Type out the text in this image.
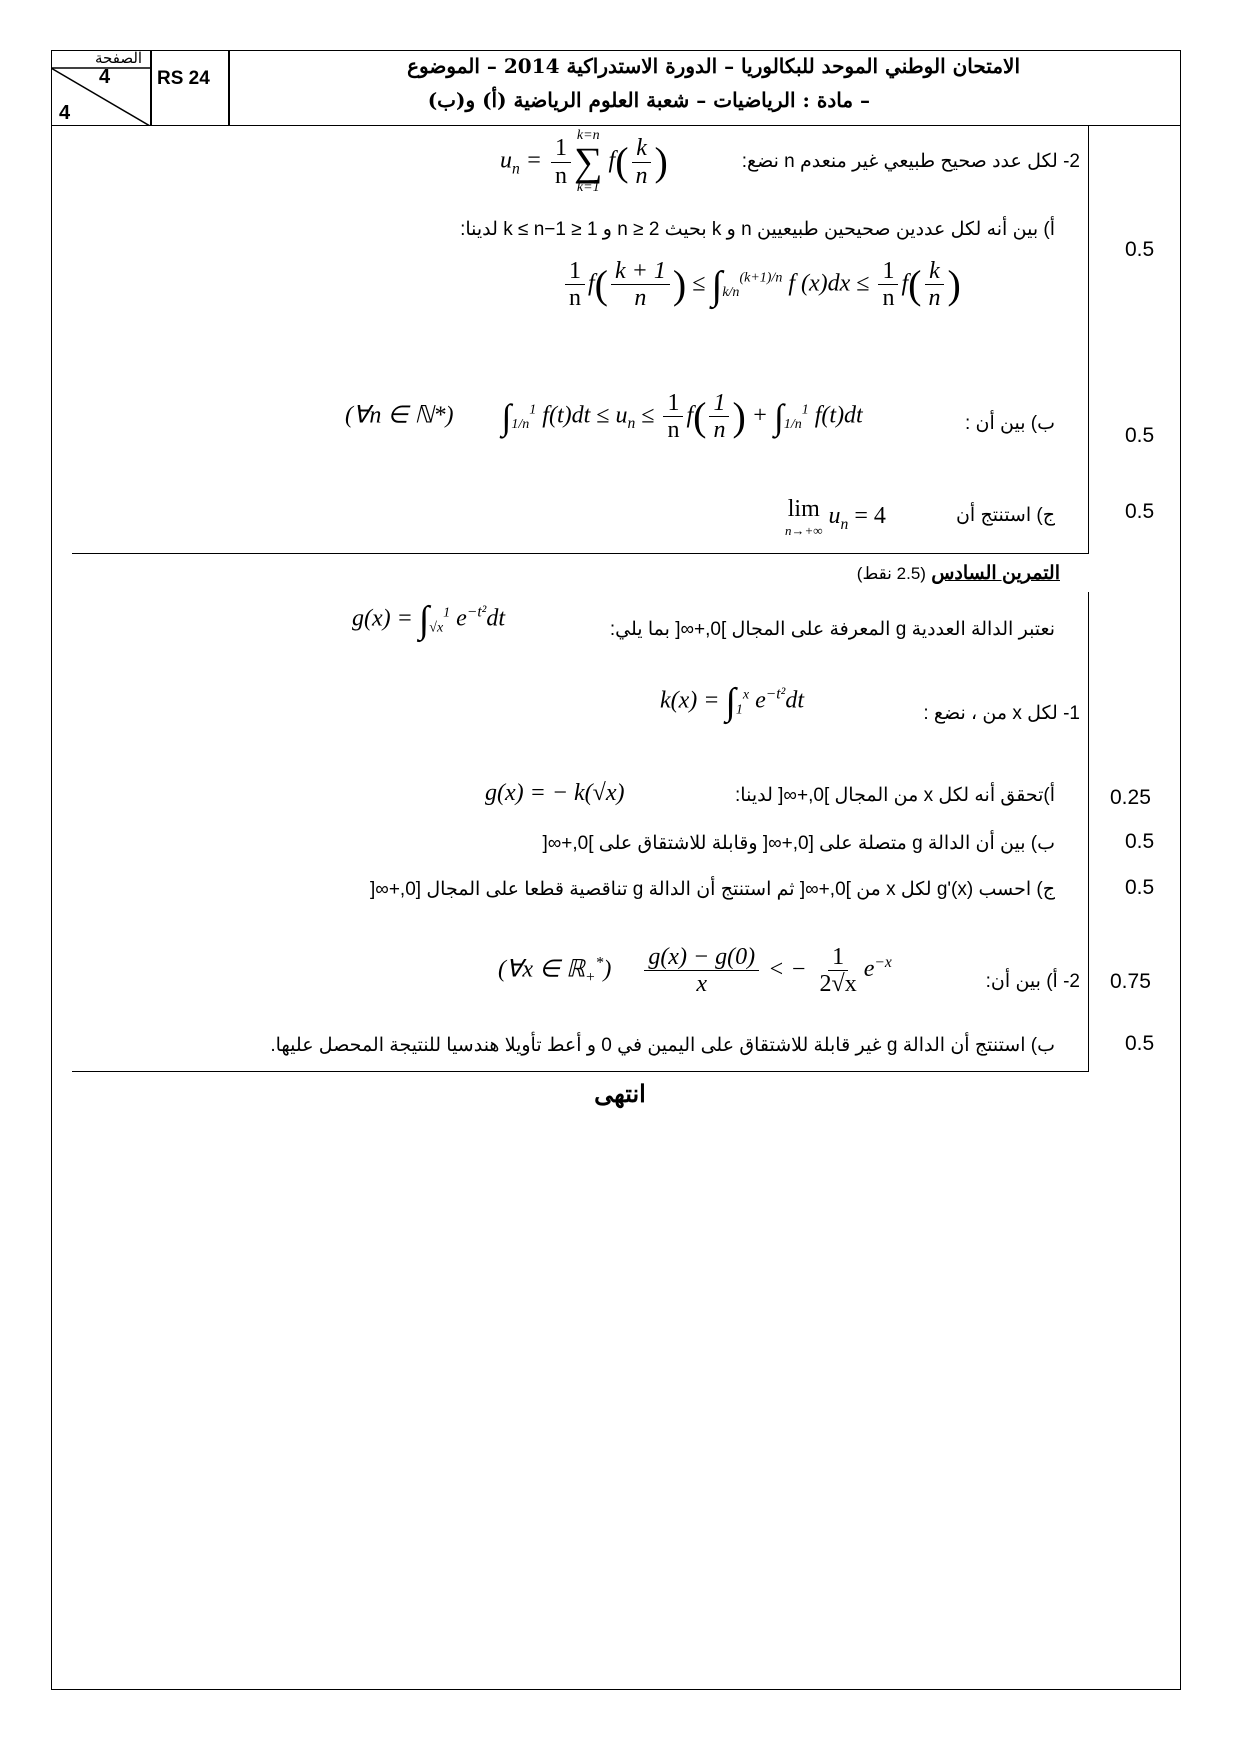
الصفحة
4
4
RS 24
الامتحان الوطني الموحد للبكالوريا – الدورة الاستدراكية 2014 – الموضوع
– مادة : الرياضيات – شعبة العلوم الرياضية (أ) و(ب)
2- لكل عدد صحيح طبيعي غير منعدم n نضع:
$u_n = \frac{1}{n} k=n$
∑
k=1
$f( \frac{k}{n}$ )
أ) بين أنه لكل عددين صحيحين طبيعيين n و k بحيث n ≥ 2 و 1 ≤ k ≤ n−1 لدينا:
0.5
$\frac{1}{n} f( \frac{k + 1}{n}$ ) ≤ $\int_{k/n}^{(k+1)/n}$ f $(x)dx \le \frac{1}{n} f( \frac{k}{n}$ )
ب) بين أن :
0.5
(∀n ∈ ℕ*)        $\int_{1/n}^1$ $f(t)dt \le u_n \le \frac{1}{n} f( \frac{1}{n}$ ) + $\int_{1/n}^1$ f(t)dt
ج) استنتج أن	0.5
lim
n→+∞
$u_n = 4$
التمرين السادس (2.5 نقط)
نعتبر الدالة العددية g المعرفة على المجال ]0,+∞[ بما يلي:
$g(x) = \int_{√x}^1$ $e^{-t^2}dt$
1- لكل x من ، نضع :
$k(x) = \int_1^x$ $e^{-t^2}dt$
أ)تحقق أنه لكل x من المجال ]0,+∞[ لدينا:	0.25
g(x) = − k(√x)
ب) بين أن الدالة g متصلة على [0,+∞[ وقابلة للاشتقاق على ]0,+∞[	0.5
ج) احسب g'(x) لكل x من ]0,+∞[ ثم استنتج أن الدالة g تناقصية قطعا على المجال [0,+∞[	0.5
2- أ) بين أن: 0.75
(∀x ∈ ℝ$_+$*) $\frac{g(x) - g(0)}{x}$ < − $\frac{1}{2√x} e^{-x}$
ب) استنتج أن الدالة g غير قابلة للاشتقاق على اليمين في 0 و أعط تأويلا هندسيا للنتيجة المحصل عليها.	0.5
انتهى
